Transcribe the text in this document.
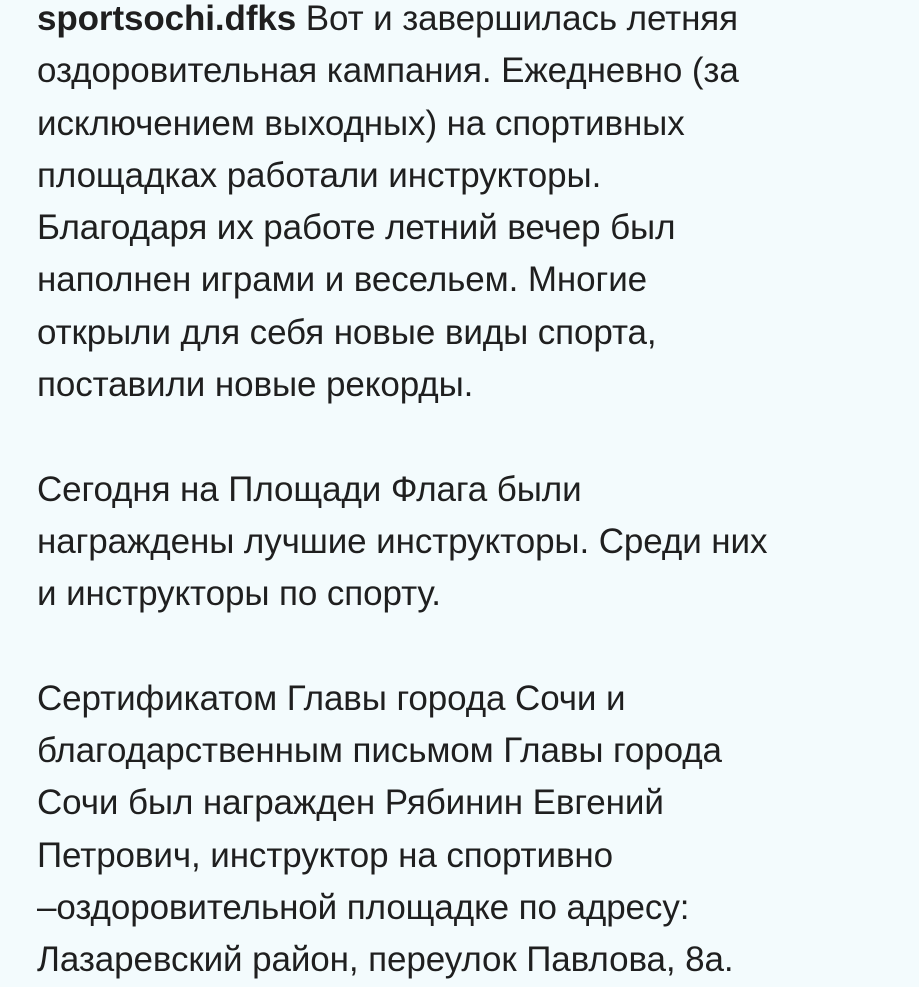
sportsochi.dfks Вот и завершилась летняя
оздоровительная кампания. Ежедневно (за
исключением выходных) на спортивных
площадках работали инструкторы.
Благодаря их работе летний вечер был
наполнен играми и весельем. Многие
открыли для себя новые виды спорта,
поставили новые рекорды.

Сегодня на Площади Флага были
награждены лучшие инструкторы. Среди них
и инструкторы по спорту.

Сертификатом Главы города Сочи и
благодарственным письмом Главы города
Сочи был награжден Рябинин Евгений
Петрович, инструктор на спортивно
–оздоровительной площадке по адресу:
Лазаревский район, переулок Павлова, 8а.
